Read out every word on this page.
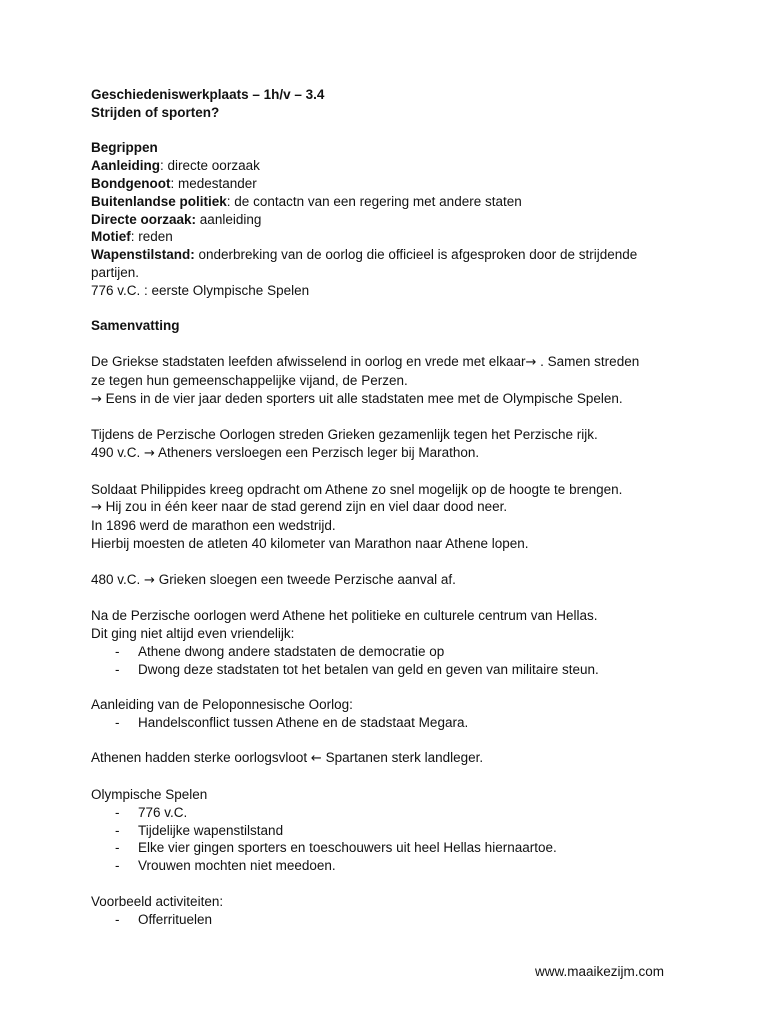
Geschiedeniswerkplaats – 1h/v – 3.4
Strijden of sporten?
Begrippen
Aanleiding: directe oorzaak
Bondgenoot: medestander
Buitenlandse politiek: de contactn van een regering met andere staten
Directe oorzaak: aanleiding
Motief: reden
Wapenstilstand: onderbreking van de oorlog die officieel is afgesproken door de strijdende partijen.
776 v.C. : eerste Olympische Spelen
Samenvatting
De Griekse stadstaten leefden afwisselend in oorlog en vrede met elkaar→ . Samen streden
ze tegen hun gemeenschappelijke vijand, de Perzen.
→ Eens in de vier jaar deden sporters uit alle stadstaten mee met de Olympische Spelen.
Tijdens de Perzische Oorlogen streden Grieken gezamenlijk tegen het Perzische rijk.
490 v.C. → Atheners versloegen een Perzisch leger bij Marathon.
Soldaat Philippides kreeg opdracht om Athene zo snel mogelijk op de hoogte te brengen.
→ Hij zou in één keer naar de stad gerend zijn en viel daar dood neer.
In 1896 werd de marathon een wedstrijd.
Hierbij moesten de atleten 40 kilometer van Marathon naar Athene lopen.
480 v.C. → Grieken sloegen een tweede Perzische aanval af.
Na de Perzische oorlogen werd Athene het politieke en culturele centrum van Hellas.
Dit ging niet altijd even vriendelijk:
- Athene dwong andere stadstaten de democratie op
- Dwong deze stadstaten tot het betalen van geld en geven van militaire steun.
Aanleiding van de Peloponnesische Oorlog:
- Handelsconflict tussen Athene en de stadstaat Megara.
Athenen hadden sterke oorlogsvloot ← Spartanen sterk landleger.
Olympische Spelen
- 776 v.C.
- Tijdelijke wapenstilstand
- Elke vier gingen sporters en toeschouwers uit heel Hellas hiernaartoe.
- Vrouwen mochten niet meedoen.
Voorbeeld activiteiten:
- Offerrituelen
www.maaikezijm.com
